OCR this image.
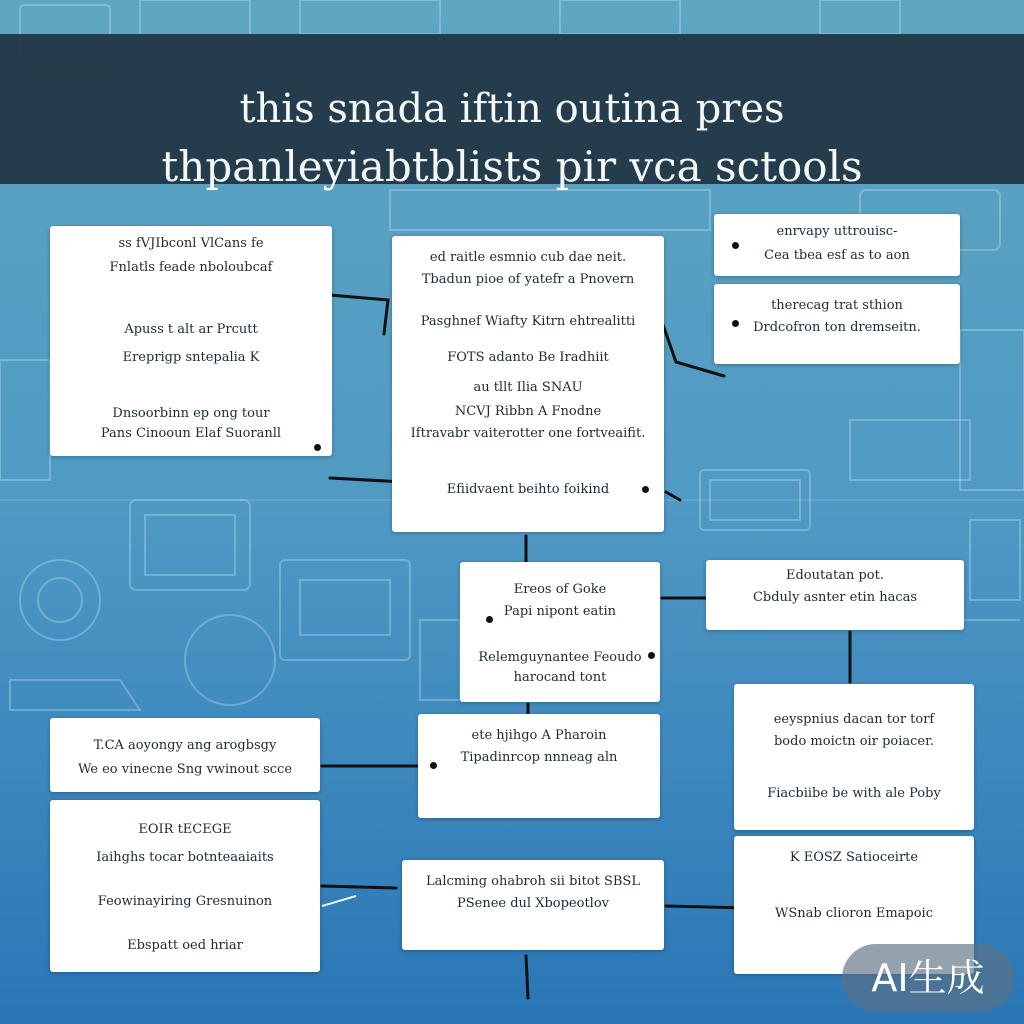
this snada iftin outina pres
thpanleyiabtblists pir vca sctools
ss fVJIbconl VlCans fe
Fnlatls feade nboloubcaf
Apuss t alt ar Prcutt
Ereprigp sntepalia K
Dnsoorbinn ep ong tour
Pans Cinooun Elaf Suoranll
ed raitle esmnio cub dae neit.
Tbadun pioe of yatefr a Pnovern
Pasghnef Wiafty Kitrn ehtrealitti
FOTS adanto Be Iradhiit
au tllt Ilia SNAU
NCVJ Ribbn A Fnodne
Iftravabr vaiterotter one fortveaifit.
Efiidvaent beihto foikind
enrvapy uttrouisc-
Cea tbea esf as to aon
therecag trat sthion
Drdcofron ton dremseitn.
Ereos of Goke
Papi nipont eatin
Relemguynantee Feoudo
harocand tont
Edoutatan pot.
Cbduly asnter etin hacas
T.CA aoyongy ang arogbsgy
We eo vinecne Sng vwinout scce
ete hjihgo A Pharoin
Tipadinrcop nnneag aln
eeyspnius dacan tor torf
bodo moictn oir poiacer.
Fiacbiibe be with ale Poby
EOIR tECEGE
Iaihghs tocar botnteaaiaits
Feowinayiring Gresnuinon
Ebspatt oed hriar
Lalcming ohabroh sii bitot SBSL
PSenee dul Xbopeotlov
K EOSZ Satioceirte
WSnab clioron Emapoic
AI生成
